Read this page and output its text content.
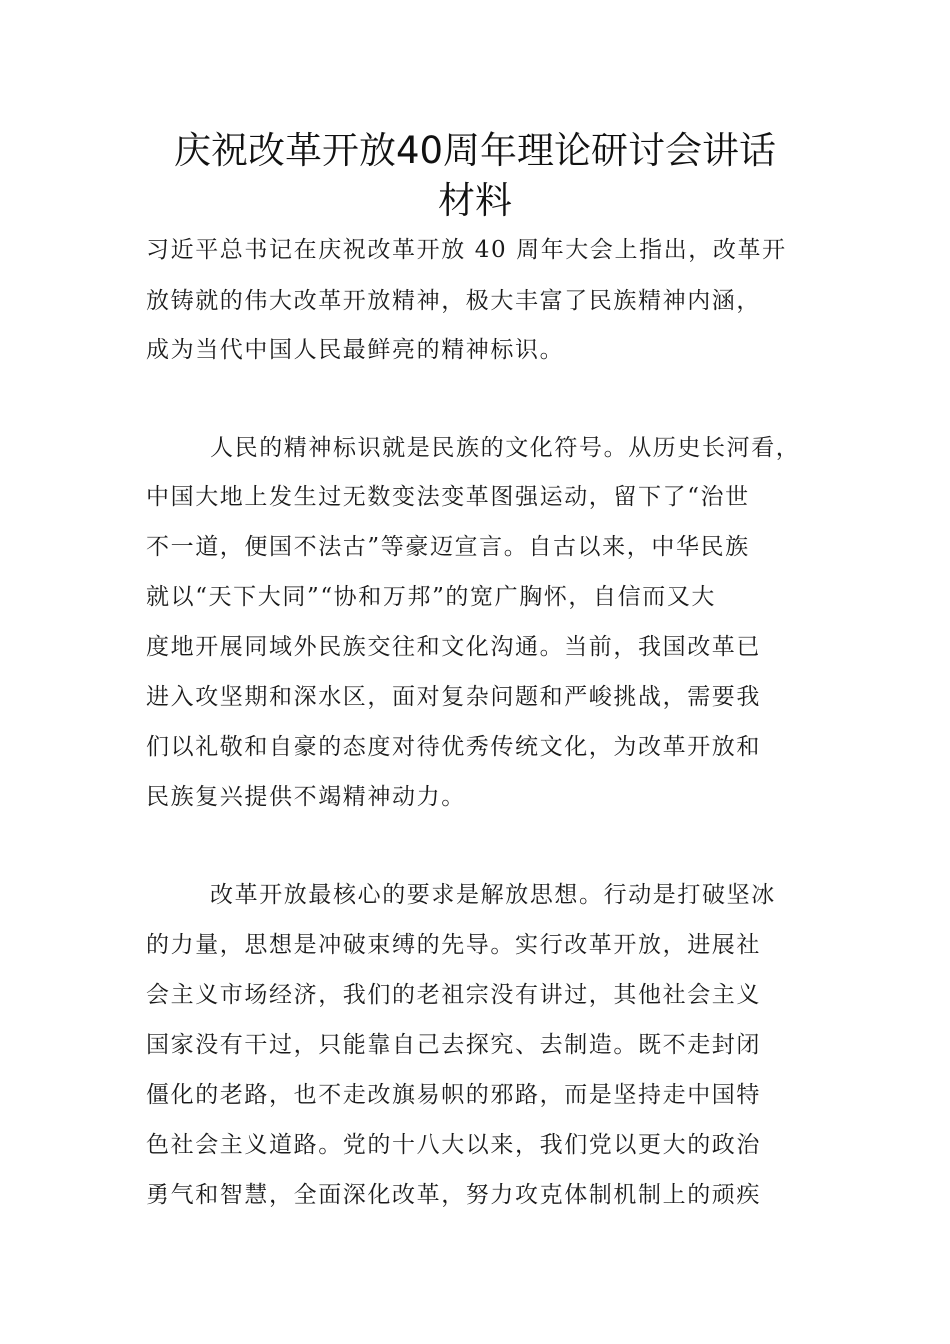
庆祝改革开放40周年理论研讨会讲话
材料
习近平总书记在庆祝改革开放 40 周年大会上指出，改革开
放铸就的伟大改革开放精神，极大丰富了民族精神内涵，
成为当代中国人民最鲜亮的精神标识。
人民的精神标识就是民族的文化符号。从历史长河看，
中国大地上发生过无数变法变革图强运动，留下了“治世
不一道，便国不法古”等豪迈宣言。自古以来，中华民族
就以“天下大同”“协和万邦”的宽广胸怀，自信而又大
度地开展同域外民族交往和文化沟通。当前，我国改革已
进入攻坚期和深水区，面对复杂问题和严峻挑战，需要我
们以礼敬和自豪的态度对待优秀传统文化，为改革开放和
民族复兴提供不竭精神动力。
改革开放最核心的要求是解放思想。行动是打破坚冰
的力量，思想是冲破束缚的先导。实行改革开放，进展社
会主义市场经济，我们的老祖宗没有讲过，其他社会主义
国家没有干过，只能靠自己去探究、去制造。既不走封闭
僵化的老路，也不走改旗易帜的邪路，而是坚持走中国特
色社会主义道路。党的十八大以来，我们党以更大的政治
勇气和智慧，全面深化改革，努力攻克体制机制上的顽疾
